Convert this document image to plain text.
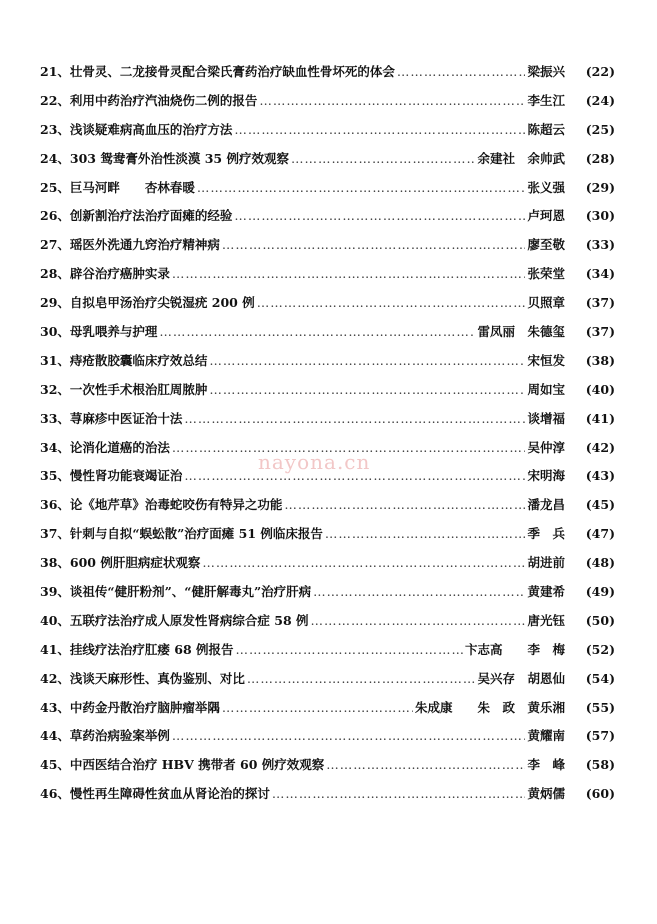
21、壮骨灵、二龙接骨灵配合梁氏膏药治疗缺血性骨坏死的体会 ……………………………………………………………………………………………………………………………………………………………………………………	梁振兴	(22)
22、利用中药治疗汽油烧伤二例的报告 ……………………………………………………………………………………………………………………………………………………………………………………	李生江	(24)
23、浅谈疑难病高血压的治疗方法 ……………………………………………………………………………………………………………………………………………………………………………………	陈超云	(25)
24、303 鸳鸯膏外治性淡漠 35 例疗效观察 ……………………………………………………………………………………………………………………………………………………………………………………	余建社　余帅武	(28)
25、巨马河畔　　杏林春暖 ……………………………………………………………………………………………………………………………………………………………………………………	张义强	(29)
26、创新割治疗法治疗面瘫的经验 ……………………………………………………………………………………………………………………………………………………………………………………	卢珂恩	(30)
27、瑶医外洗通九窍治疗精神病 ……………………………………………………………………………………………………………………………………………………………………………………	廖至敬	(33)
28、辟谷治疗癌肿实录 ……………………………………………………………………………………………………………………………………………………………………………………	张荣堂	(34)
29、自拟皂甲汤治疗尖锐湿疣 200 例 ……………………………………………………………………………………………………………………………………………………………………………………	贝照章	(37)
30、母乳喂养与护理 ……………………………………………………………………………………………………………………………………………………………………………………	雷凤丽　朱德玺	(37)
31、痔疮散胶囊临床疗效总结 ……………………………………………………………………………………………………………………………………………………………………………………	宋恒发	(38)
32、一次性手术根治肛周脓肿 ……………………………………………………………………………………………………………………………………………………………………………………	周如宝	(40)
33、荨麻疹中医证治十法 ……………………………………………………………………………………………………………………………………………………………………………………	谈增福	(41)
34、论消化道癌的治法 ……………………………………………………………………………………………………………………………………………………………………………………	吴仲淳	(42)
35、慢性肾功能衰竭证治 ……………………………………………………………………………………………………………………………………………………………………………………	宋明海	(43)
36、论《地芹草》治毒蛇咬伤有特异之功能 ……………………………………………………………………………………………………………………………………………………………………………………	潘龙昌	(45)
37、针刺与自拟“蜈蚣散”治疗面瘫 51 例临床报告 ……………………………………………………………………………………………………………………………………………………………………………………	季　兵	(47)
38、600 例肝胆病症状观察 ……………………………………………………………………………………………………………………………………………………………………………………	胡进前	(48)
39、谈祖传“健肝粉剂”、“健肝解毒丸”治疗肝病 ……………………………………………………………………………………………………………………………………………………………………………………	黄建希	(49)
40、五联疗法治疗成人原发性肾病综合症 58 例 ……………………………………………………………………………………………………………………………………………………………………………………	唐光钰	(50)
41、挂线疗法治疗肛瘘 68 例报告 ……………………………………………………………………………………………………………………………………………………………………………………	卞志高　　李　梅	(52)
42、浅谈天麻形性、真伪鉴别、对比 ……………………………………………………………………………………………………………………………………………………………………………………	吴兴存　胡恩仙	(54)
43、中药金丹散治疗脑肿瘤举隅 ……………………………………………………………………………………………………………………………………………………………………………………	朱成康　　朱　政　黄乐湘	(55)
44、草药治病验案举例 ……………………………………………………………………………………………………………………………………………………………………………………	黄耀南	(57)
45、中西医结合治疗 HBV 携带者 60 例疗效观察 ……………………………………………………………………………………………………………………………………………………………………………………	李　峰	(58)
46、慢性再生障碍性贫血从肾论治的探讨 ……………………………………………………………………………………………………………………………………………………………………………………	黄炳儒	(60)
nayona.cn
